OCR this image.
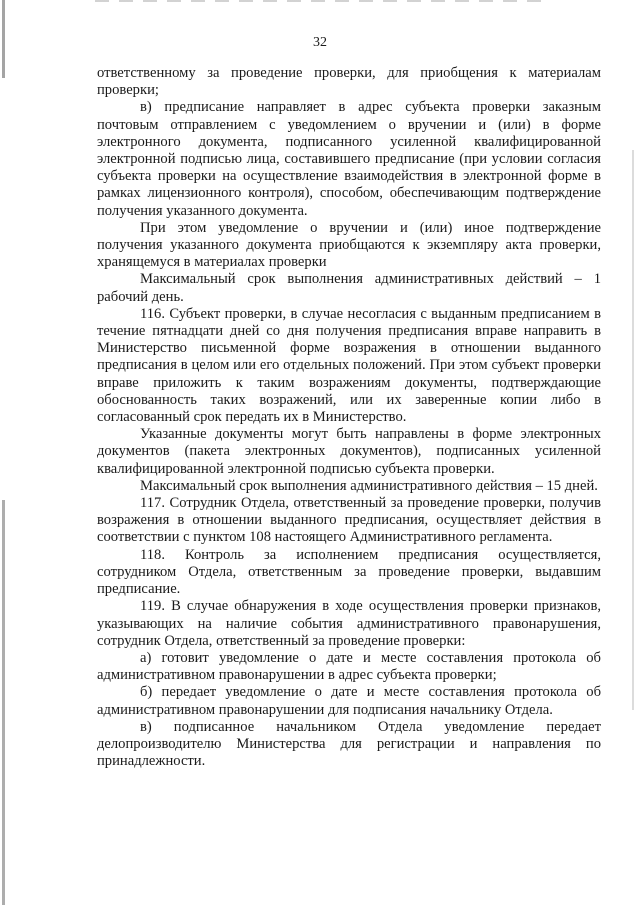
32

ответственному за проведение проверки, для приобщения к материалам проверки;

в) предписание направляет в адрес субъекта проверки заказным почтовым отправлением с уведомлением о вручении и (или) в форме электронного документа, подписанного усиленной квалифицированной электронной подписью лица, составившего предписание (при условии согласия субъекта проверки на осуществление взаимодействия в электронной форме в рамках лицензионного контроля), способом, обеспечивающим подтверждение получения указанного документа.

При этом уведомление о вручении и (или) иное подтверждение получения указанного документа приобщаются к экземпляру акта проверки, хранящемуся в материалах проверки

Максимальный срок выполнения административных действий – 1 рабочий день.

116. Субъект проверки, в случае несогласия с выданным предписанием в течение пятнадцати дней со дня получения предписания вправе направить в Министерство письменной форме возражения в отношении выданного предписания в целом или его отдельных положений. При этом субъект проверки вправе приложить к таким возражениям документы, подтверждающие обоснованность таких возражений, или их заверенные копии либо в согласованный срок передать их в Министерство.

Указанные документы могут быть направлены в форме электронных документов (пакета электронных документов), подписанных усиленной квалифицированной электронной подписью субъекта проверки.

Максимальный срок выполнения административного действия – 15 дней.

117. Сотрудник Отдела, ответственный за проведение проверки, получив возражения в отношении выданного предписания, осуществляет действия в соответствии с пунктом 108 настоящего Административного регламента.

118. Контроль за исполнением предписания осуществляется, сотрудником Отдела, ответственным за проведение проверки, выдавшим предписание.

119. В случае обнаружения в ходе осуществления проверки признаков, указывающих на наличие события административного правонарушения, сотрудник Отдела, ответственный за проведение проверки:

а) готовит уведомление о дате и месте составления протокола об административном правонарушении в адрес субъекта проверки;

б) передает уведомление о дате и месте составления протокола об административном правонарушении для подписания начальнику Отдела.

в) подписанное начальником Отдела уведомление передает делопроизводителю Министерства для регистрации и направления по принадлежности.
